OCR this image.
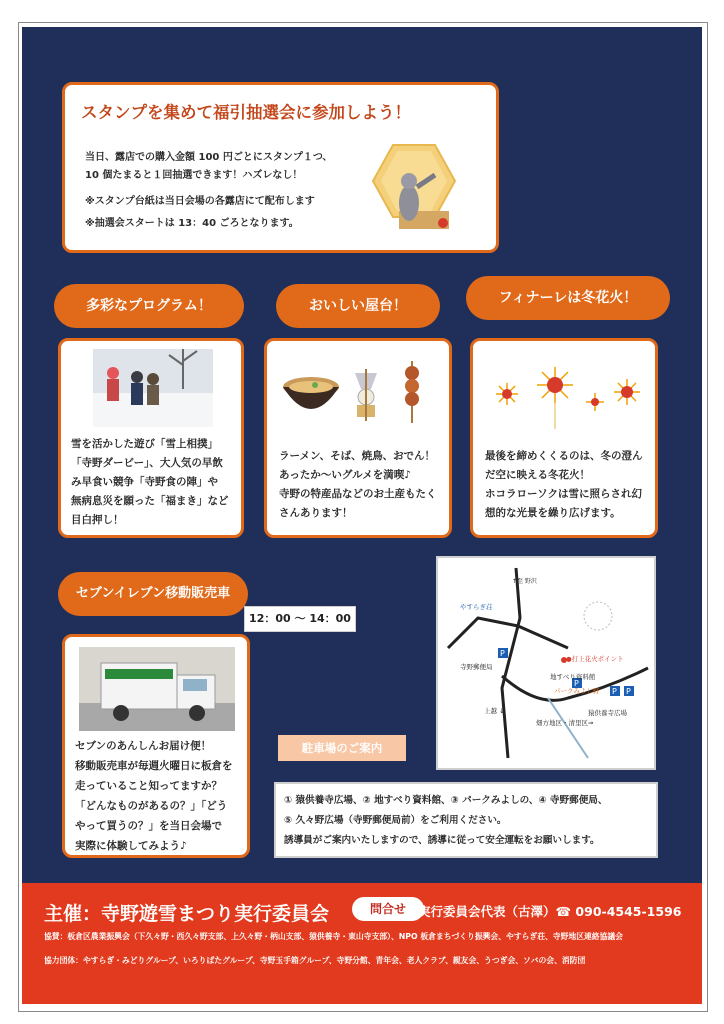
スタンプを集めて福引抽選会に参加しよう！
当日、露店での購入金額 100 円ごとにスタンプ１つ、
10 個たまると１回抽選できます！ハズレなし！
※スタンプ台紙は当日会場の各露店にて配布します
※抽選会スタートは 13：40 ごろとなります。
多彩なプログラム！	おいしい屋台！	フィナーレは冬花火！
雪を活かした遊び「雪上相撲」
「寺野ダービー」、大人気の早飲
み早食い競争「寺野食の陣」や
無病息災を願った「福まき」など
目白押し！
ラーメン、そば、焼鳥、おでん！
あったか〜いグルメを満喫♪
寺野の特産品などのお土産もたく
さんあります！
最後を締めくくるのは、冬の澄ん
だ空に映える冬花火！
ホコラローソクは雪に照らされ幻
想的な光景を繰り広げます。
セブンイレブン移動販売車
12：00 〜 14：00
セブンのあんしんお届け便！
移動販売車が毎週火曜日に板倉を
走っていること知ってますか？
「どんなものがあるの？」「どう
やって買うの？」を当日会場で
実際に体験してみよう♪
P
P
P P
↑至 野沢
やすらぎ荘
寺野郵便局
●打上花火ポイント
地すべり資料館
パークみよし野
猿供養寺広場
上越 ↓
畑方地区・清里区⇒
駐車場のご案内
① 猿供養寺広場、② 地すべり資料館、③ パークみよしの、④ 寺野郵便局、
⑤ 久々野広場（寺野郵便局前）をご利用ください。
誘導員がご案内いたしますので、誘導に従って安全運転をお願いします。
主催：寺野遊雪まつり実行委員会	問合せ 実行委員会代表（古澤）☎ 090-4545-1596
協賛：板倉区農業振興会（下久々野・西久々野支部、上久々野・柄山支部、猿供養寺・東山寺支部）、NPO 板倉まちづくり振興会、やすらぎ荘、寺野地区連絡協議会
協力団体：やすらぎ・みどりグループ、いろりばたグループ、寺野玉手箱グループ、寺野分館、青年会、老人クラブ、親友会、うつぎ会、ソバの会、消防団
